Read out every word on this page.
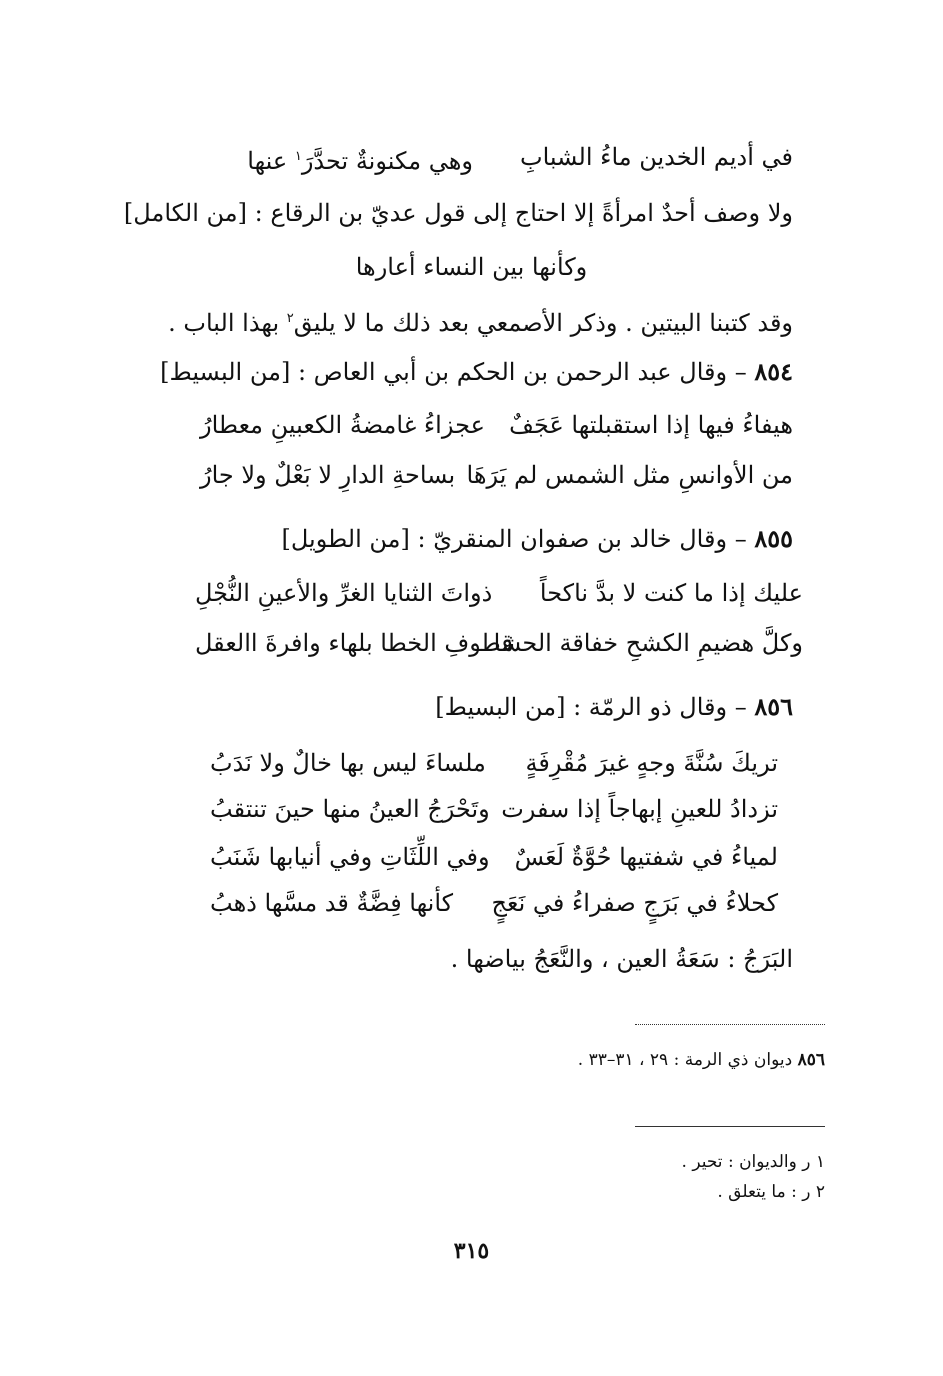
وهي مكنونةٌ تحدَّرَ$^١$ عنها	في أديم الخدين ماءُ الشبابِ
ولا وصف أحدٌ امرأةً إلا احتاج إلى قول عديّ بن الرقاع : [من الكامل]
وكأنها بين النساء أعارها
وقد كتبنا البيتين . وذكر الأصمعي بعد ذلك ما لا يليق$^٢$ بهذا الباب .
٨٥٤ – وقال عبد الرحمن بن الحكم بن أبي العاص : [من البسيط]
هيفاءُ فيها إذا استقبلتها عَجَفٌ
عجزاءُ غامضةُ الكعبينِ معطارُ
من الأوانسِ مثل الشمس لم يَرَهَا
بساحةِ الدارِ لا بَعْلٌ ولا جارُ
٨٥٥ – وقال خالد بن صفوان المنقريّ : [من الطويل]
عليك إذا ما كنت لا بدَّ ناكحاً
ذواتَ الثنايا الغرِّ والأعينِ النُّجْلِ
وكلَّ هضيمِ الكشحِ خفاقة الحشا
قطوفِ الخطا بلهاء وافرةَ االعقل
٨٥٦ – وقال ذو الرمّة : [من البسيط]
تريكَ سُنَّةَ وجهٍ غيرَ مُقْرِفَةٍ
ملساءَ ليس بها خالٌ ولا نَدَبُ
تزدادُ للعينِ إبهاجاً إذا سفرت
وتَحْرَجُ العينُ منها حينَ تنتقبُ
لمياءُ في شفتيها حُوَّةٌ لَعَسٌ
وفي اللِّثَاتِ وفي أنيابها شَنَبُ
كحلاءُ في بَرَجٍ صفراءُ في نَعَجٍ
كأنها فِضَّةٌ قد مسَّها ذهبُ
البَرَجُ : سَعَةُ العين ، والنَّعَجُ بياضها .
٨٥٦ ديوان ذي الرمة : ٢٩ ، ٣١–٣٣ .
١ ر والديوان : تحير .
٢ ر : ما يتعلق .
٣١٥
